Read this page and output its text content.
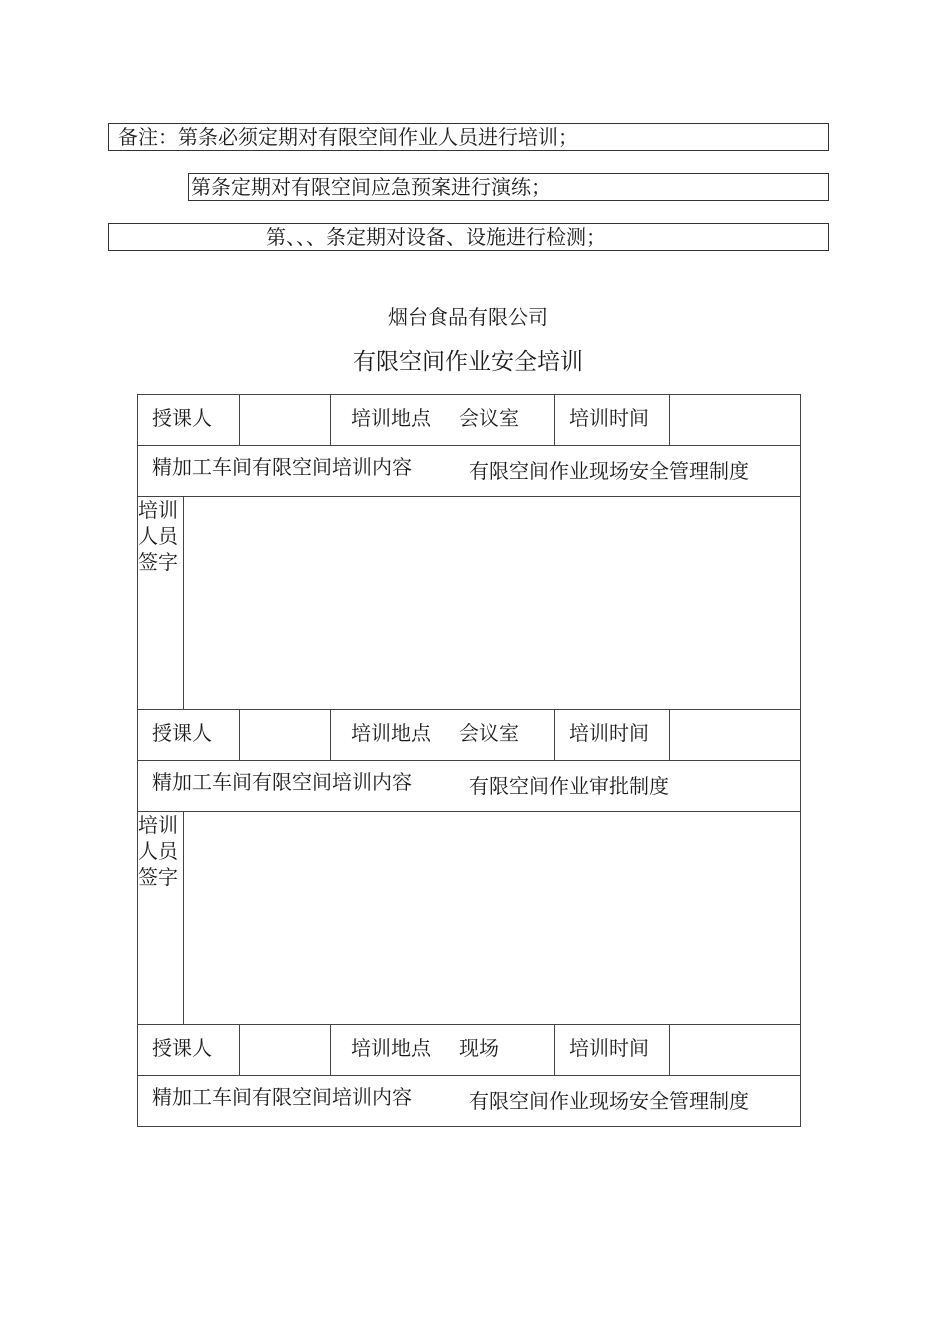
备注：第条必须定期对有限空间作业人员进行培训；
第条定期对有限空间应急预案进行演练；
第、、、条定期对设备、设施进行检测；
烟台食品有限公司
有限空间作业安全培训
授课人			培训地点 会议室	培训时间	

精加工车间有限空间培训内容 有限空间作业现场安全管理制度					

培训人员签字					

授课人			培训地点 会议室	培训时间	

精加工车间有限空间培训内容 有限空间作业审批制度					

培训人员签字					

授课人			培训地点 现场	培训时间	

精加工车间有限空间培训内容 有限空间作业现场安全管理制度					
